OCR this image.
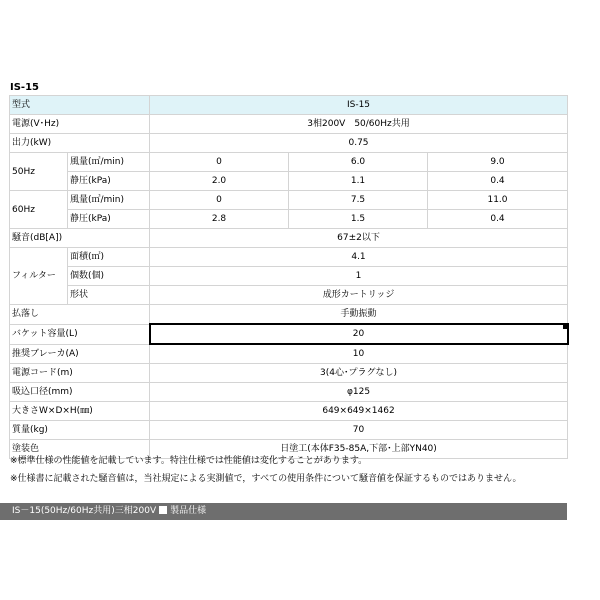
IS-15
型式		IS-15		
電源(V･Hz)		3相200V　50/60Hz共用		
出力(kW)		0.75		
50Hz	風量(㎥/min)	0	6.0	9.0
	静圧(kPa)	2.0	1.1	0.4
60Hz	風量(㎥/min)	0	7.5	11.0
	静圧(kPa)	2.8	1.5	0.4
騒音(dB[A])		67±2以下		
フィルター	面積(㎡)	4.1		
	個数(個)	1		
	形状	成形カートリッジ		
払落し		手動振動		
バケット容量(L)		20		
推奨ブレーカ(A)		10		
電源コード(m)		3(4心･プラグなし)		
吸込口径(mm)		φ125		
大きさW×D×H(㎜)		649×649×1462		
質量(kg)		70		
塗装色		日塗工(本体F35-85A,下部･上部YN40)		
※標準仕様の性能値を記載しています。特注仕様では性能値は変化することがあります。
※仕様書に記載された騒音値は，当社規定による実測値で，すべての使用条件について騒音値を保証するものではありません。
IS－15(50Hz/60Hz共用)三相200V 製品仕様
